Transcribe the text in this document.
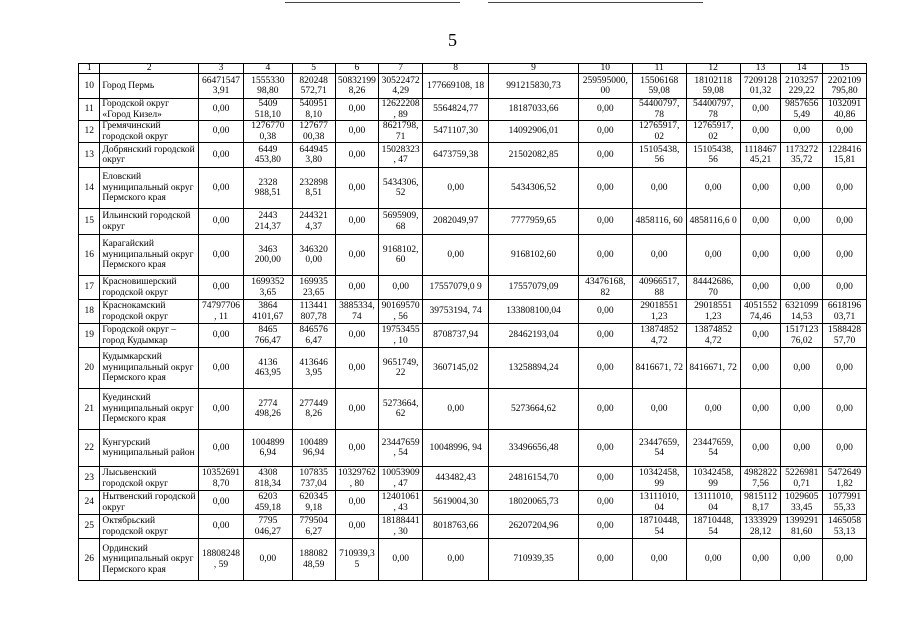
5
1	2	3	4	5	6	7	8	9	10	11	12	13	14	15
10	Город Пермь	66471547 3,91	1555330 98,80	820248 572,71	50832199 8,26	30522472 4,29	177669108, 18	991215830,73	259595000, 00	15506168 59,08	18102118 59,08	7209128 01,32	2103257 229,22	2202109 795,80
11	Городской округ «Город Кизел»	0,00	5409 518,10	540951 8,10	0,00	12622208, 89	5564824,77	18187033,66	0,00	54400797, 78	54400797, 78	0,00	9857656 5,49	1032091 40,86
12	Гремячинский городской округ	0,00	1276770 0,38	127677 00,38	0,00	8621798, 71	5471107,30	14092906,01	0,00	12765917, 02	12765917, 02	0,00	0,00	0,00
13	Добрянский городской округ	0,00	6449 453,80	644945 3,80	0,00	15028323, 47	6473759,38	21502082,85	0,00	15105438, 56	15105438, 56	1118467 45,21	1173272 35,72	1228416 15,81
14	Еловский муниципальный округ Пермского края	0,00	2328 988,51	232898 8,51	0,00	5434306, 52	0,00	5434306,52	0,00	0,00	0,00	0,00	0,00	0,00
15	Ильинский городской округ	0,00	2443 214,37	244321 4,37	0,00	5695909, 68	2082049,97	7777959,65	0,00	4858116, 60	4858116,6 0	0,00	0,00	0,00
16	Карагайский муниципальный округ Пермского края	0,00	3463 200,00	346320 0,00	0,00	9168102, 60	0,00	9168102,60	0,00	0,00	0,00	0,00	0,00	0,00
17	Красновишерский городской округ	0,00	1699352 3,65	169935 23,65	0,00	0,00	17557079,0 9	17557079,09	43476168, 82	40966517, 88	84442686, 70	0,00	0,00	0,00
18	Краснокамский городской округ	74797706, 11	3864 4101,67	113441 807,78	3885334, 74	90169570, 56	39753194, 74	133808100,04	0,00	29018551 1,23	29018551 1,23	4051552 74,46	6321099 14,53	6618196 03,71
19	Городской округ – город Кудымкар	0,00	8465 766,47	846576 6,47	0,00	19753455, 10	8708737,94	28462193,04	0,00	13874852 4,72	13874852 4,72	0,00	1517123 76,02	1588428 57,70
20	Кудымкарский муниципальный округ Пермского края	0,00	4136 463,95	413646 3,95	0,00	9651749, 22	3607145,02	13258894,24	0,00	8416671, 72	8416671, 72	0,00	0,00	0,00
21	Куединский муниципальный округ Пермского края	0,00	2774 498,26	277449 8,26	0,00	5273664, 62	0,00	5273664,62	0,00	0,00	0,00	0,00	0,00	0,00
22	Кунгурский муниципальный район	0,00	1004899 6,94	100489 96,94	0,00	23447659, 54	10048996, 94	33496656,48	0,00	23447659, 54	23447659, 54	0,00	0,00	0,00
23	Лысьвенский городской округ	10352691 8,70	4308 818,34	107835 737,04	10329762, 80	10053909, 47	443482,43	24816154,70	0,00	10342458, 99	10342458, 99	4982822 7,56	5226981 0,71	5472649 1,82
24	Нытвенский городской округ	0,00	6203 459,18	620345 9,18	0,00	12401061, 43	5619004,30	18020065,73	0,00	13111010, 04	13111010, 04	9815112 8,17	1029605 33,45	1077991 55,33
25	Октябрьский городской округ	0,00	7795 046,27	779504 6,27	0,00	18188441, 30	8018763,66	26207204,96	0,00	18710448, 54	18710448, 54	1333929 28,12	1399291 81,60	1465058 53,13
26	Ординский муниципальный округ Пермского края	18808248, 59	0,00	188082 48,59	710939,35	0,00	0,00	710939,35	0,00	0,00	0,00	0,00	0,00	0,00
